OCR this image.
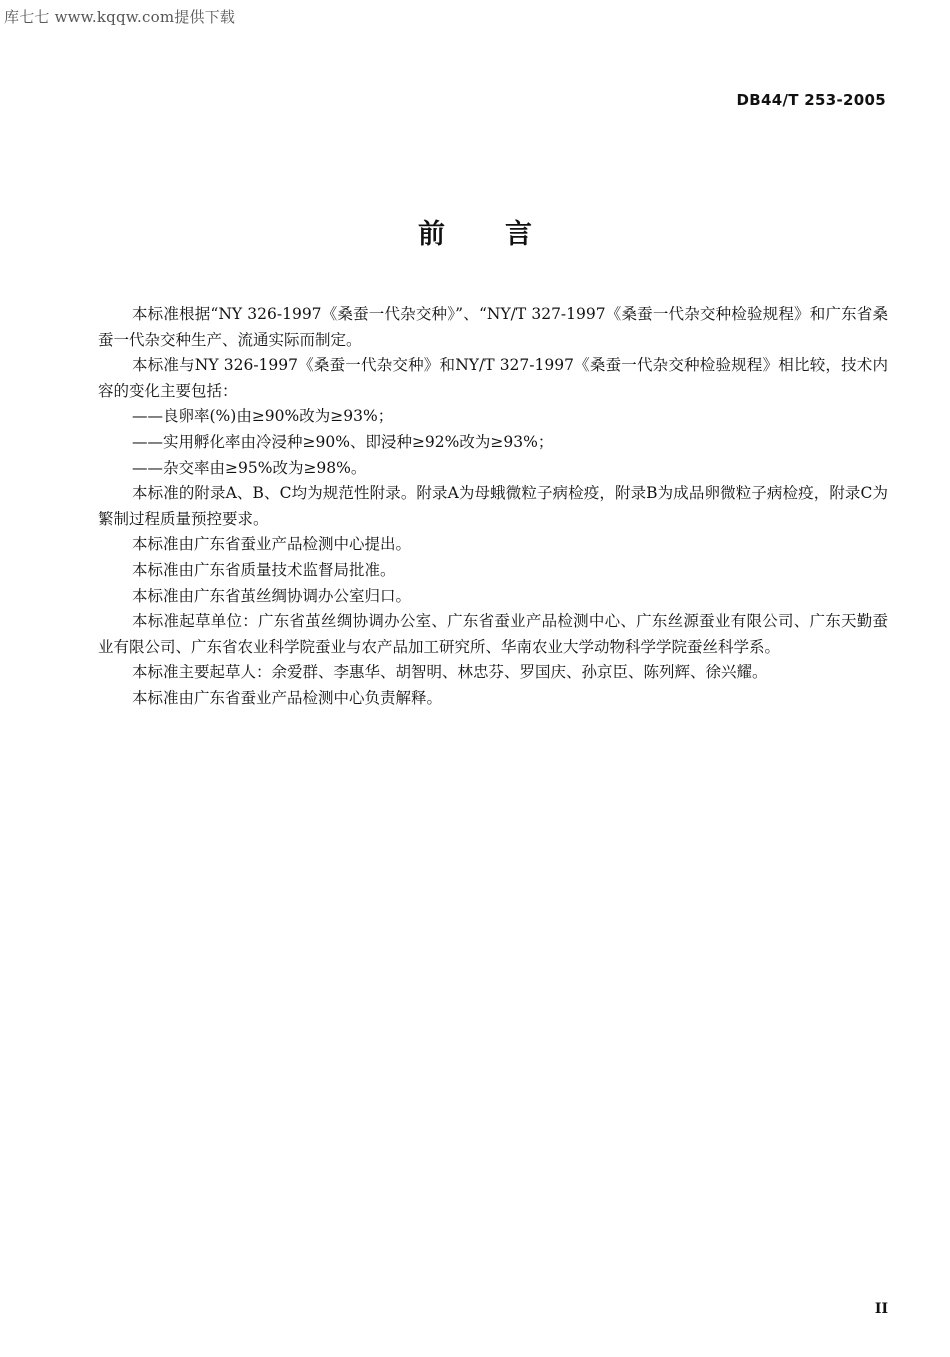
库七七 www.kqqw.com提供下载
DB44/T 253-2005
前言

本标准根据“NY 326-1997《桑蚕一代杂交种》”、“NY/T 327-1997《桑蚕一代杂交种检验规程》和广东省桑蚕一代杂交种生产、流通实际而制定。

本标准与NY 326-1997《桑蚕一代杂交种》和NY/T 327-1997《桑蚕一代杂交种检验规程》相比较，技术内容的变化主要包括：

——良卵率(%)由≥90%改为≥93%；

——实用孵化率由冷浸种≥90%、即浸种≥92%改为≥93%；

——杂交率由≥95%改为≥98%。

本标准的附录A、B、C均为规范性附录。附录A为母蛾微粒子病检疫，附录B为成品卵微粒子病检疫，附录C为繁制过程质量预控要求。

本标准由广东省蚕业产品检测中心提出。

本标准由广东省质量技术监督局批准。

本标准由广东省茧丝绸协调办公室归口。

本标准起草单位：广东省茧丝绸协调办公室、广东省蚕业产品检测中心、广东丝源蚕业有限公司、广东天勤蚕业有限公司、广东省农业科学院蚕业与农产品加工研究所、华南农业大学动物科学学院蚕丝科学系。

本标准主要起草人：余爱群、李惠华、胡智明、林忠芬、罗国庆、孙京臣、陈列辉、徐兴耀。

本标准由广东省蚕业产品检测中心负责解释。

II
